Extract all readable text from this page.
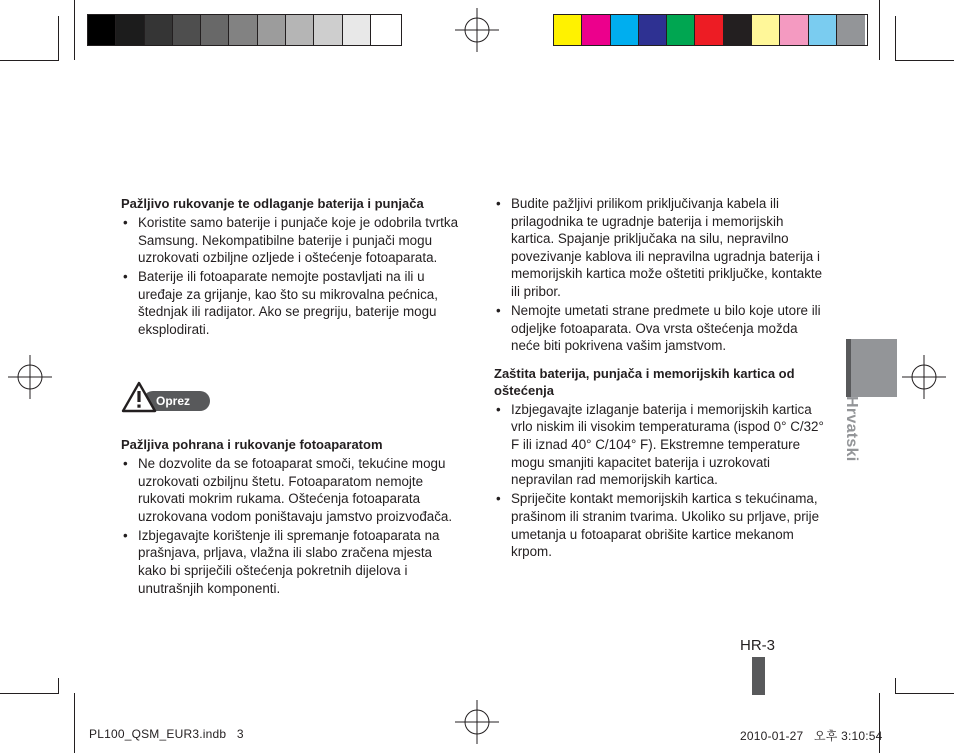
Pažljivo rukovanje te odlaganje baterija i punjača
• Koristite samo baterije i punjače koje je odobrila tvrtka Samsung. Nekompatibilne baterije i punjači mogu uzrokovati ozbiljne ozljede i oštećenje fotoaparata.
• Baterije ili fotoaparate nemojte postavljati na ili u uređaje za grijanje, kao što su mikrovalna pećnica, štednjak ili radijator. Ako se pregriju, baterije mogu eksplodirati.
Oprez
Pažljiva pohrana i rukovanje fotoaparatom
• Ne dozvolite da se fotoaparat smoči, tekućine mogu uzrokovati ozbiljnu štetu. Fotoaparatom nemojte rukovati mokrim rukama. Oštećenja fotoaparata uzrokovana vodom poništavaju jamstvo proizvođača.
• Izbjegavajte korištenje ili spremanje fotoaparata na prašnjava, prljava, vlažna ili slabo zračena mjesta kako bi spriječili oštećenja pokretnih dijelova i unutrašnjih komponenti.
• Budite pažljivi prilikom priključivanja kabela ili prilagodnika te ugradnje baterija i memorijskih kartica. Spajanje priključaka na silu, nepravilno povezivanje kablova ili nepravilna ugradnja baterija i memorijskih kartica može oštetiti priključke, kontakte ili pribor.
• Nemojte umetati strane predmete u bilo koje utore ili odjeljke fotoaparata. Ova vrsta oštećenja možda neće biti pokrivena vašim jamstvom.
Zaštita baterija, punjača i memorijskih kartica od oštećenja
• Izbjegavajte izlaganje baterija i memorijskih kartica vrlo niskim ili visokim temperaturama (ispod 0° C/32° F ili iznad 40° C/104° F). Ekstremne temperature mogu smanjiti kapacitet baterija i uzrokovati nepravilan rad memorijskih kartica.
• Spriječite kontakt memorijskih kartica s tekućinama, prašinom ili stranim tvarima. Ukoliko su prljave, prije umetanja u fotoaparat obrišite kartice mekanom krpom.
Hrvatski
HR-3
PL100_QSM_EUR3.indb   3	2010-01-27   오후 3:10:54
